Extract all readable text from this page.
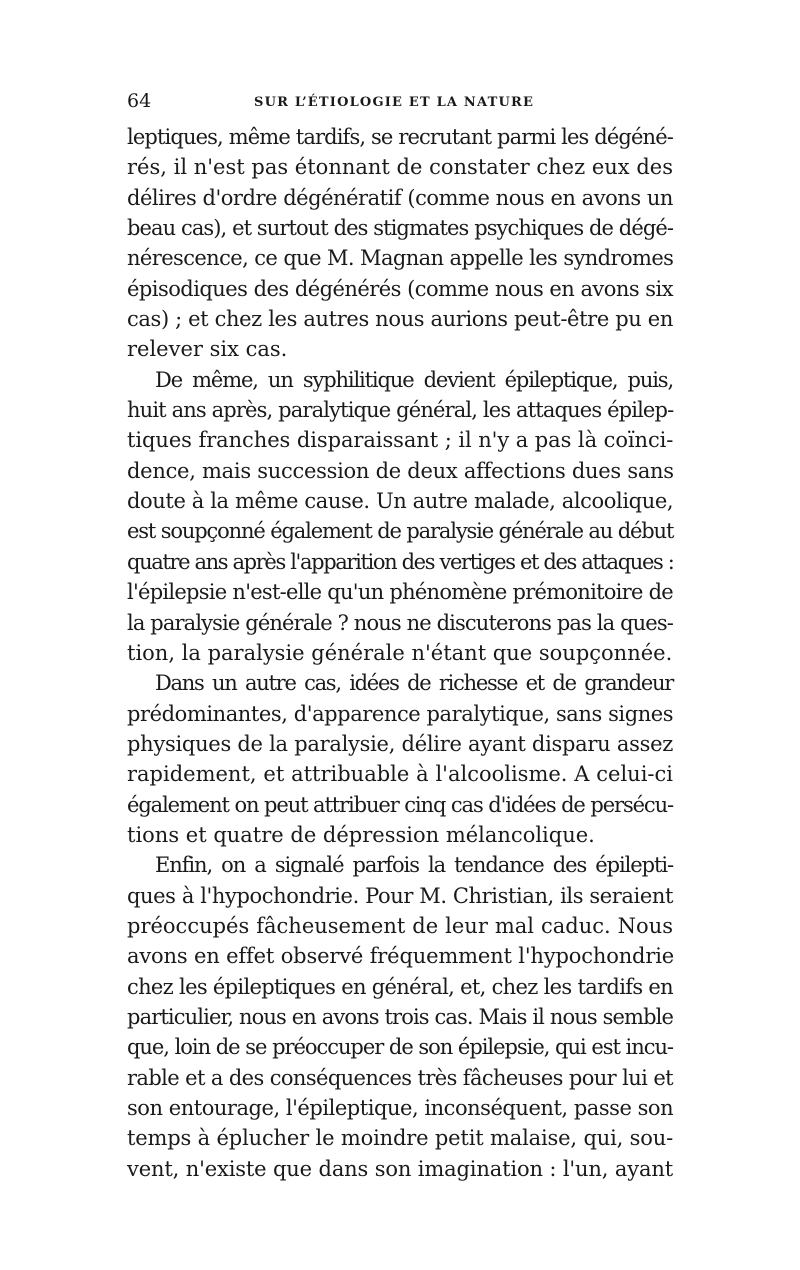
64	SUR L’ÉTIOLOGIE ET LA NATURE

leptiques, même tardifs, se recrutant parmi les dégéné-
rés, il n'est pas étonnant de constater chez eux des
délires d'ordre dégénératif (comme nous en avons un
beau cas), et surtout des stigmates psychiques de dégé-
nérescence, ce que M. Magnan appelle les syndromes
épisodiques des dégénérés (comme nous en avons six
cas) ; et chez les autres nous aurions peut-être pu en
relever six cas.

De même, un syphilitique devient épileptique, puis,
huit ans après, paralytique général, les attaques épilep-
tiques franches disparaissant ; il n'y a pas là coïnci-
dence, mais succession de deux affections dues sans
doute à la même cause. Un autre malade, alcoolique,
est soupçonné également de paralysie générale au début
quatre ans après l'apparition des vertiges et des attaques :
l'épilepsie n'est-elle qu'un phénomène prémonitoire de
la paralysie générale ? nous ne discuterons pas la ques-
tion, la paralysie générale n'étant que soupçonnée.

Dans un autre cas, idées de richesse et de grandeur
prédominantes, d'apparence paralytique, sans signes
physiques de la paralysie, délire ayant disparu assez
rapidement, et attribuable à l'alcoolisme. A celui-ci
également on peut attribuer cinq cas d'idées de persécu-
tions et quatre de dépression mélancolique.

Enfin, on a signalé parfois la tendance des épilepti-
ques à l'hypochondrie. Pour M. Christian, ils seraient
préoccupés fâcheusement de leur mal caduc. Nous
avons en effet observé fréquemment l'hypochondrie
chez les épileptiques en général, et, chez les tardifs en
particulier, nous en avons trois cas. Mais il nous semble
que, loin de se préoccuper de son épilepsie, qui est incu-
rable et a des conséquences très fâcheuses pour lui et
son entourage, l'épileptique, inconséquent, passe son
temps à éplucher le moindre petit malaise, qui, sou-
vent, n'existe que dans son imagination : l'un, ayant
